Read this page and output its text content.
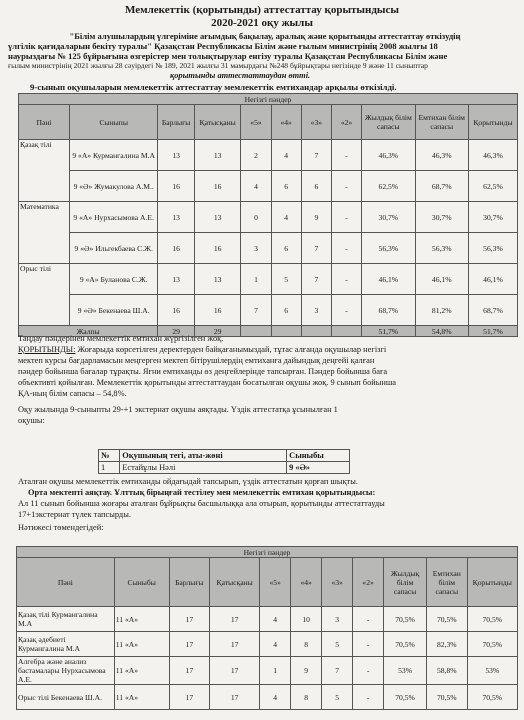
Мемлекеттік (қорытынды) аттестаттау қорытындысы
2020-2021 оқу жылы
"Білім алушылардың үлгеріміне ағымдық бақылау, аралық және қорытынды аттестаттау өткізудің
үлгілік қағидаларын бекіту туралы" Қазақстан Республикасы Білім және ғылым министрінің 2008 жылғы 18
наурыздағы № 125 бұйрығына өзгерістер мен толықтырулар енгізу туралы Қазақстан Республикасы Білім және
ғылым министрінің 2021 жылғы 28 сәуірдегі № 189, 2021 жылғы 31 мамырдағы №248 бұйрықтары негізінде 9 және 11 сыныптар
қорытынды аттестаттаудан өтті.
9-сынып оқушыларын мемлекеттік аттестаттау мемлекеттік емтихандар арқылы өткізілді.
Негізгі пәндер										
Пәні	Сыныпы	Барлығы	Қатысқаны	«5»	«4»	«3»	«2»	Жылдық білім сапасы	Емтихан білім сапасы	Қорытынды
Қазақ тілі	9 «А» Курмангалина М.А	13	13	2	4	7	-	46,3%	46,3%	46,3%
	9 «Ә» Жумакулова А.М..	16	16	4	6	6	-	62,5%	68,7%	62,5%
Математика	9 «А» Нурхасымова А.Е.	13	13	0	4	9	-	30,7%	30,7%	30,7%
	9 «Ә» Ильгекбаева С.Ж.	16	16	3	6	7	-	56,3%	56,3%	56,3%
Орыс тілі	9 «А» Буланова С.Ж.	13	13	1	5	7	-	46,1%	46,1%	46,1%
	9 «Ә» Бекенаева Ш.А.	16	16	7	6	3	-	68,7%	81,2%	68,7%
Жалпы		29	29					51,7%	54,8%	51,7%
Таңдау пәндерінен мемлекеттік емтихан жүргізілген жоқ.
ҚОРЫТЫНДЫ: Жоғарыда көрсетілген деректерден байқағанымыздай, тұтас алғанда оқушылар негізгі
мектеп курсы бағдарламасын меңгерген мектеп бітірушілердің емтиханға дайындық деңгейі қалған
пәндер бойынша бағалар тұрақты. Яғни емтиханды өз деңгейлерінде тапсырған. Пәндер бойынша баға
объективті қойылған. Мемлекеттік қорытынды аттестаттаудан босатылған оқушы жоқ. 9 сынып бойынша
ҚА-ның білім сапасы – 54,8%.
Оқу жылында 9-сыныпты 29-+1 экстернат оқушы аяқтады. Үздік аттестатқа ұсынылған 1
оқушы:
№	Оқушының тегі, аты-жөні	Сыныбы
1	Естайұлы Нәлі	9 «Ә»
Аталған оқушы мемлекеттік емтиханды ойдағыдай тапсырып, үздік аттестатын қорғап шықты.
Орта мектепті аяқтау. Ұлттық бірыңғай тестілеу мен мемлекеттік емтихан қорытындысы:
Ал 11 сынып бойынша жоғары аталған бұйрықты басшылыққа ала отырып, қорытынды аттестаттауды
17+1экстернат түлек тапсырды.
Нәтижесі төмендегідей:
Негізгі пәндер										
Пәні	Сыныбы	Барлығы	Қатысқаны	«5»	«4»	«3»	«2»	Жылдық білім сапасы	Емтихан білім сапасы	Қорытынды
Қазақ тілі Курмангалина М.А	11 «А»	17	17	4	10	3	-	70,5%	70,5%	70,5%
Қазақ әдебиеті Курмангалина М.А	11 «А»	17	17	4	8	5	-	70,5%	82,3%	70,5%
Алгебра және анализ бастамалары Нурхасымова А.Е.	11 «А»	17	17	1	9	7	-	53%	58,8%	53%
Орыс тілі Бекенаева Ш.А.	11 «А»	17	17	4	8	5	-	70,5%	70,5%	70,5%
